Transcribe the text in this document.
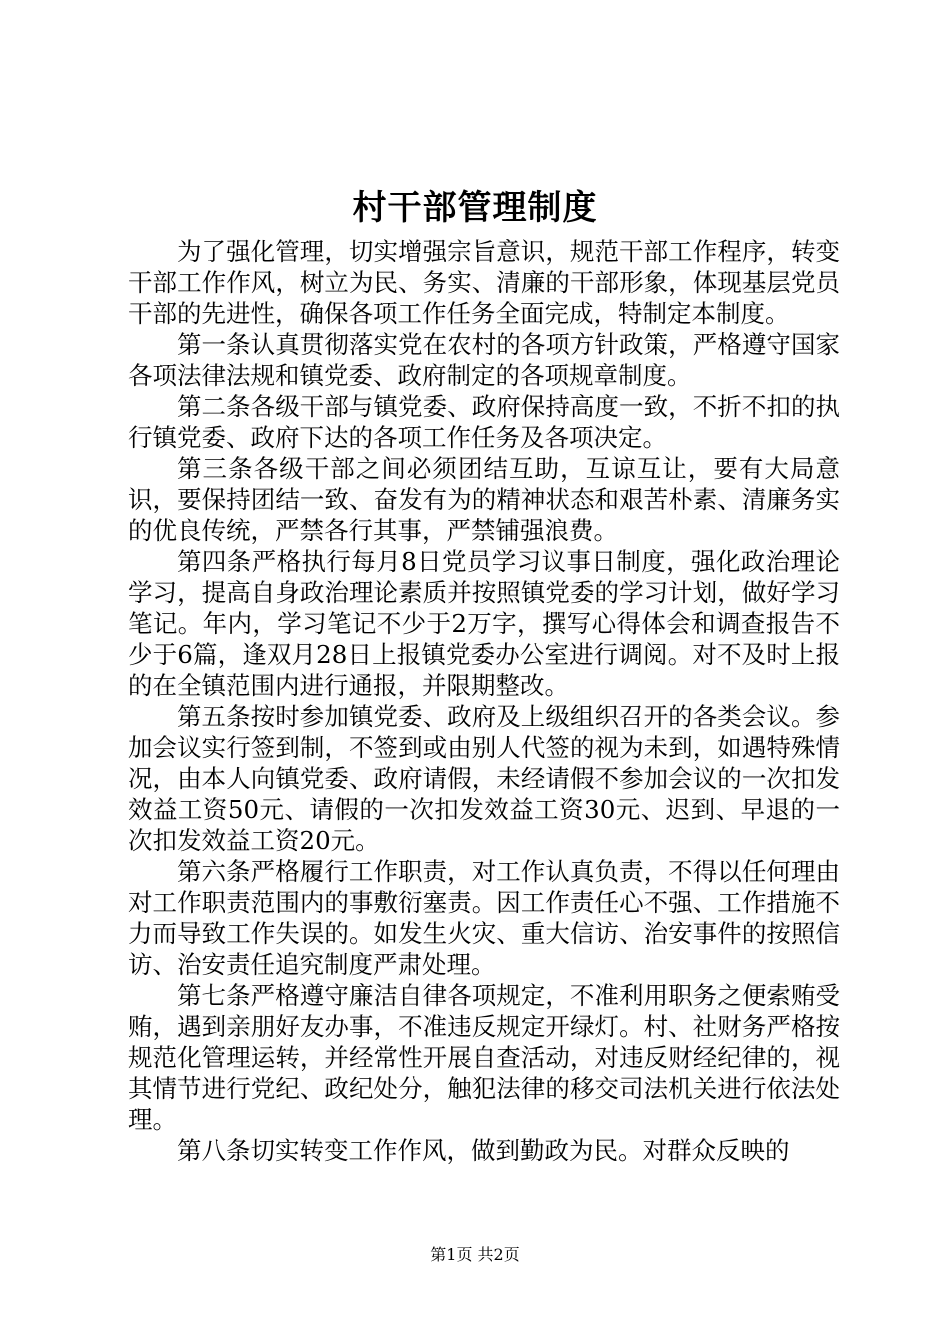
村干部管理制度

为了强化管理，切实增强宗旨意识，规范干部工作程序，转变干部工作作风，树立为民、务实、清廉的干部形象，体现基层党员干部的先进性，确保各项工作任务全面完成，特制定本制度。

第一条认真贯彻落实党在农村的各项方针政策，严格遵守国家各项法律法规和镇党委、政府制定的各项规章制度。

第二条各级干部与镇党委、政府保持高度一致，不折不扣的执行镇党委、政府下达的各项工作任务及各项决定。

第三条各级干部之间必须团结互助，互谅互让，要有大局意识，要保持团结一致、奋发有为的精神状态和艰苦朴素、清廉务实的优良传统，严禁各行其事，严禁铺强浪费。

第四条严格执行每月8日党员学习议事日制度，强化政治理论学习，提高自身政治理论素质并按照镇党委的学习计划，做好学习笔记。年内，学习笔记不少于2万字，撰写心得体会和调查报告不少于6篇，逢双月28日上报镇党委办公室进行调阅。对不及时上报的在全镇范围内进行通报，并限期整改。

第五条按时参加镇党委、政府及上级组织召开的各类会议。参加会议实行签到制，不签到或由别人代签的视为未到，如遇特殊情况，由本人向镇党委、政府请假，未经请假不参加会议的一次扣发效益工资50元、请假的一次扣发效益工资30元、迟到、早退的一次扣发效益工资20元。

第六条严格履行工作职责，对工作认真负责，不得以任何理由对工作职责范围内的事敷衍塞责。因工作责任心不强、工作措施不力而导致工作失误的。如发生火灾、重大信访、治安事件的按照信访、治安责任追究制度严肃处理。

第七条严格遵守廉洁自律各项规定，不准利用职务之便索贿受贿，遇到亲朋好友办事，不准违反规定开绿灯。村、社财务严格按规范化管理运转，并经常性开展自查活动，对违反财经纪律的，视其情节进行党纪、政纪处分，触犯法律的移交司法机关进行依法处理。

第八条切实转变工作作风，做到勤政为民。对群众反映的

第1页 共2页
